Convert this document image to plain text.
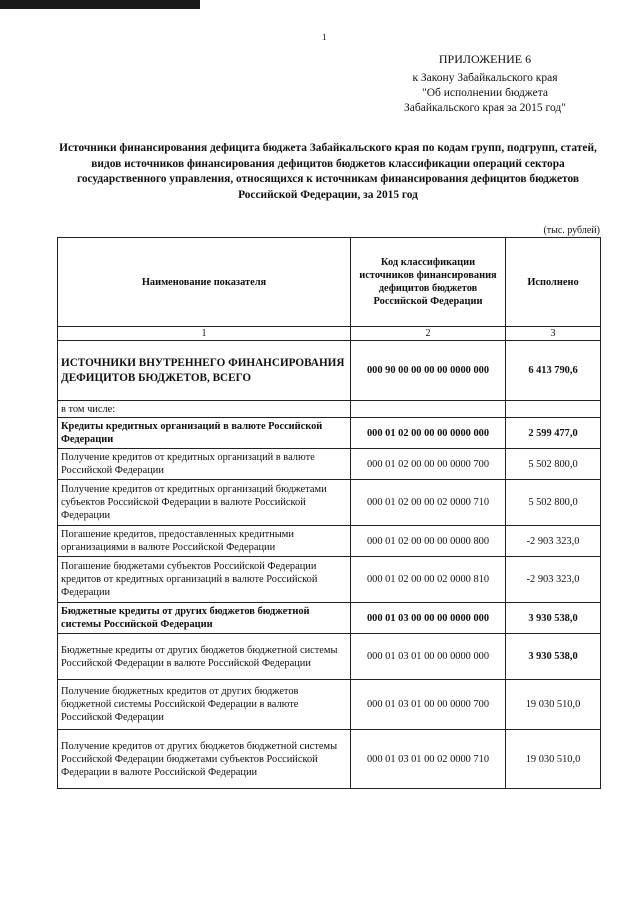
1
ПРИЛОЖЕНИЕ 6
к Закону Забайкальского края
"Об исполнении бюджета
Забайкальского края за 2015 год"
Источники финансирования дефицита бюджета Забайкальского края по кодам групп, подгрупп, статей, видов источников финансирования дефицитов бюджетов классификации операций сектора государственного управления, относящихся к источникам финансирования дефицитов бюджетов Российской Федерации, за 2015 год
(тыс. рублей)
Наименование показателя	Код классификации источников финансирования дефицитов бюджетов Российской Федерации	Исполнено
1	2	3
ИСТОЧНИКИ ВНУТРЕННЕГО ФИНАНСИРОВАНИЯ ДЕФИЦИТОВ БЮДЖЕТОВ, ВСЕГО	000 90 00 00 00 00 0000 000	6 413 790,6
в том числе:		
Кредиты кредитных организаций в валюте Российской Федерации	000 01 02 00 00 00 0000 000	2 599 477,0
Получение кредитов от кредитных организаций в валюте Российской Федерации	000 01 02 00 00 00 0000 700	5 502 800,0
Получение кредитов от кредитных организаций бюджетами субъектов Российской Федерации в валюте Российской Федерации	000 01 02 00 00 02 0000 710	5 502 800,0
Погашение кредитов, предоставленных кредитными организациями в валюте Российской Федерации	000 01 02 00 00 00 0000 800	-2 903 323,0
Погашение бюджетами субъектов Российской Федерации кредитов от кредитных организаций в валюте Российской Федерации	000 01 02 00 00 02 0000 810	-2 903 323,0
Бюджетные кредиты от других бюджетов бюджетной системы Российской Федерации	000 01 03 00 00 00 0000 000	3 930 538,0
Бюджетные кредиты от других бюджетов бюджетной системы Российской Федерации в валюте Российской Федерации	000 01 03 01 00 00 0000 000	3 930 538,0
Получение бюджетных кредитов от других бюджетов бюджетной системы Российской Федерации в валюте Российской Федерации	000 01 03 01 00 00 0000 700	19 030 510,0
Получение кредитов от других бюджетов бюджетной системы Российской Федерации бюджетами субъектов Российской Федерации в валюте Российской Федерации	000 01 03 01 00 02 0000 710	19 030 510,0
